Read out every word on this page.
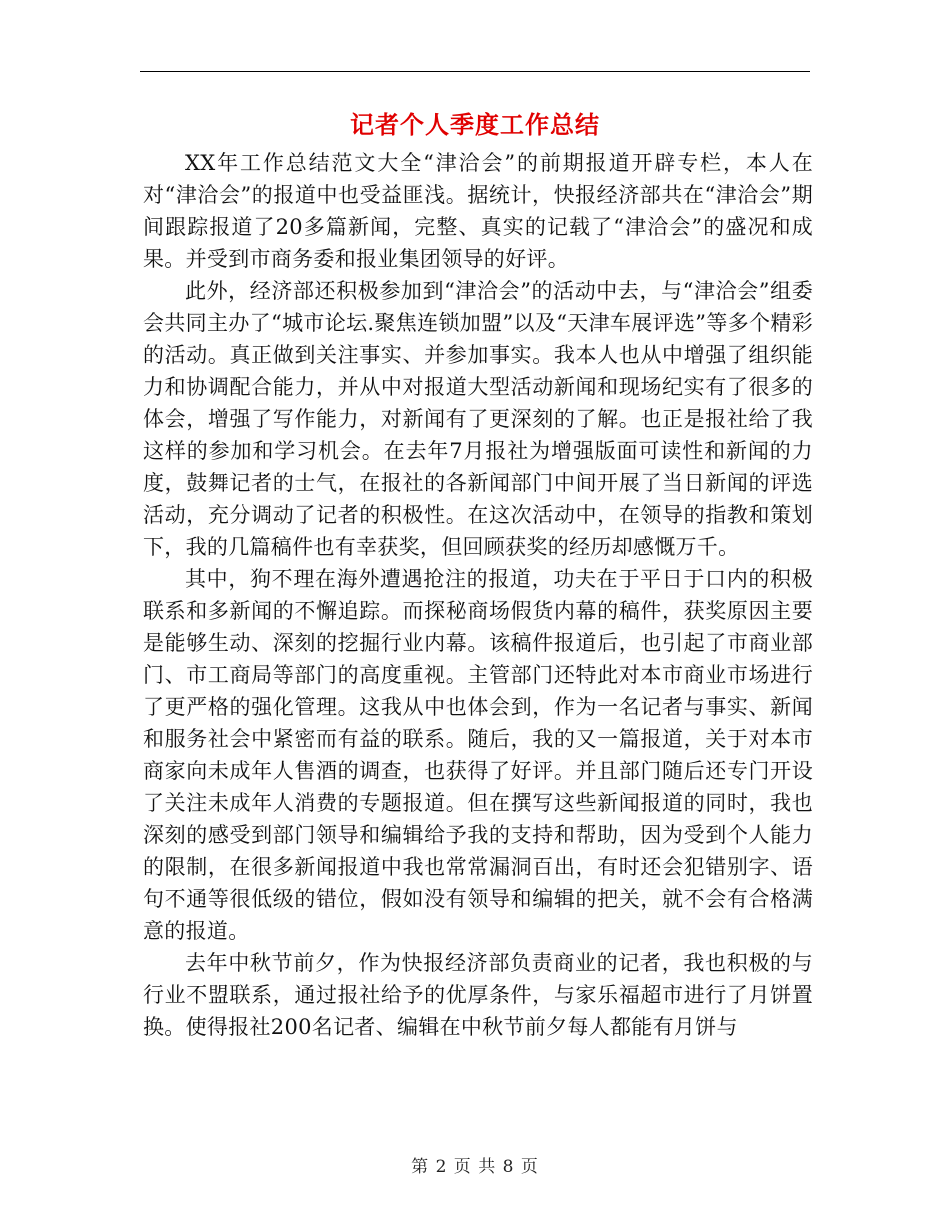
记者个人季度工作总结

XX年工作总结范文大全“津洽会”的前期报道开辟专栏，本人在对“津洽会”的报道中也受益匪浅。据统计，快报经济部共在“津洽会”期间跟踪报道了20多篇新闻，完整、真实的记载了“津洽会”的盛况和成果。并受到市商务委和报业集团领导的好评。

此外，经济部还积极参加到“津洽会”的活动中去，与“津洽会”组委会共同主办了“城市论坛.聚焦连锁加盟”以及“天津车展评选”等多个精彩的活动。真正做到关注事实、并参加事实。我本人也从中增强了组织能力和协调配合能力，并从中对报道大型活动新闻和现场纪实有了很多的体会，增强了写作能力，对新闻有了更深刻的了解。也正是报社给了我这样的参加和学习机会。在去年7月报社为增强版面可读性和新闻的力度，鼓舞记者的士气，在报社的各新闻部门中间开展了当日新闻的评选活动，充分调动了记者的积极性。在这次活动中，在领导的指教和策划下，我的几篇稿件也有幸获奖，但回顾获奖的经历却感慨万千。

其中，狗不理在海外遭遇抢注的报道，功夫在于平日于口内的积极联系和多新闻的不懈追踪。而探秘商场假货内幕的稿件，获奖原因主要是能够生动、深刻的挖掘行业内幕。该稿件报道后，也引起了市商业部门、市工商局等部门的高度重视。主管部门还特此对本市商业市场进行了更严格的强化管理。这我从中也体会到，作为一名记者与事实、新闻和服务社会中紧密而有益的联系。随后，我的又一篇报道，关于对本市商家向未成年人售酒的调查，也获得了好评。并且部门随后还专门开设了关注未成年人消费的专题报道。但在撰写这些新闻报道的同时，我也深刻的感受到部门领导和编辑给予我的支持和帮助，因为受到个人能力的限制，在很多新闻报道中我也常常漏洞百出，有时还会犯错别字、语句不通等很低级的错位，假如没有领导和编辑的把关，就不会有合格满意的报道。

去年中秋节前夕，作为快报经济部负责商业的记者，我也积极的与行业不盟联系，通过报社给予的优厚条件，与家乐福超市进行了月饼置换。使得报社200名记者、编辑在中秋节前夕每人都能有月饼与

第 2 页 共 8 页
